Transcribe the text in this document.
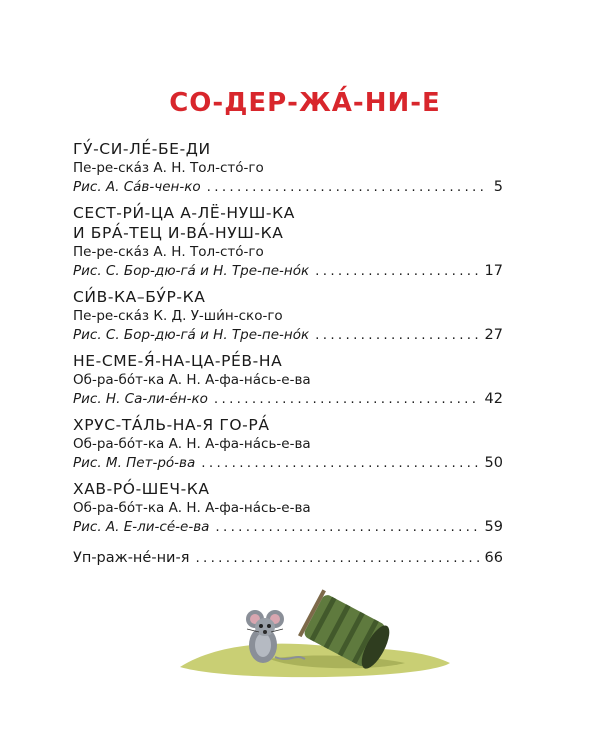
СО-ДЕР-ЖА́-НИ-Е
ГУ́-СИ-ЛЕ́-БЕ-ДИ
Пе-ре-ска́з А. Н. Тол-сто́-го
Рис. А. Са́в-чен-ко . . .	5
СЕСТ-РИ́-ЦА А-ЛЁ-НУШ-КА
И БРА́-ТЕЦ И-ВА́-НУШ-КА
Пе-ре-ска́з А. Н. Тол-сто́-го
Рис. С. Бор-дю-га́ и Н. Тре-пе-но́к . . .	17
СИ́В-КА–БУ́Р-КА
Пе-ре-ска́з К. Д. У-ши́н-ско-го
Рис. С. Бор-дю-га́ и Н. Тре-пе-но́к . . .	27
НЕ-СМЕ-Я́-НА-ЦА-РЕ́В-НА
Об-ра-бо́т-ка А. Н. А-фа-на́сь-е-ва
Рис. Н. Са-ли-е́н-ко . . .	42
ХРУС-ТА́ЛЬ-НА-Я ГО-РА́
Об-ра-бо́т-ка А. Н. А-фа-на́сь-е-ва
Рис. М. Пет-ро́-ва . . .	50
ХАВ-РО́-ШЕЧ-КА
Об-ра-бо́т-ка А. Н. А-фа-на́сь-е-ва
Рис. А. Е-ли-се́-е-ва . . .	59
Уп-раж-не́-ни-я . . .	66
